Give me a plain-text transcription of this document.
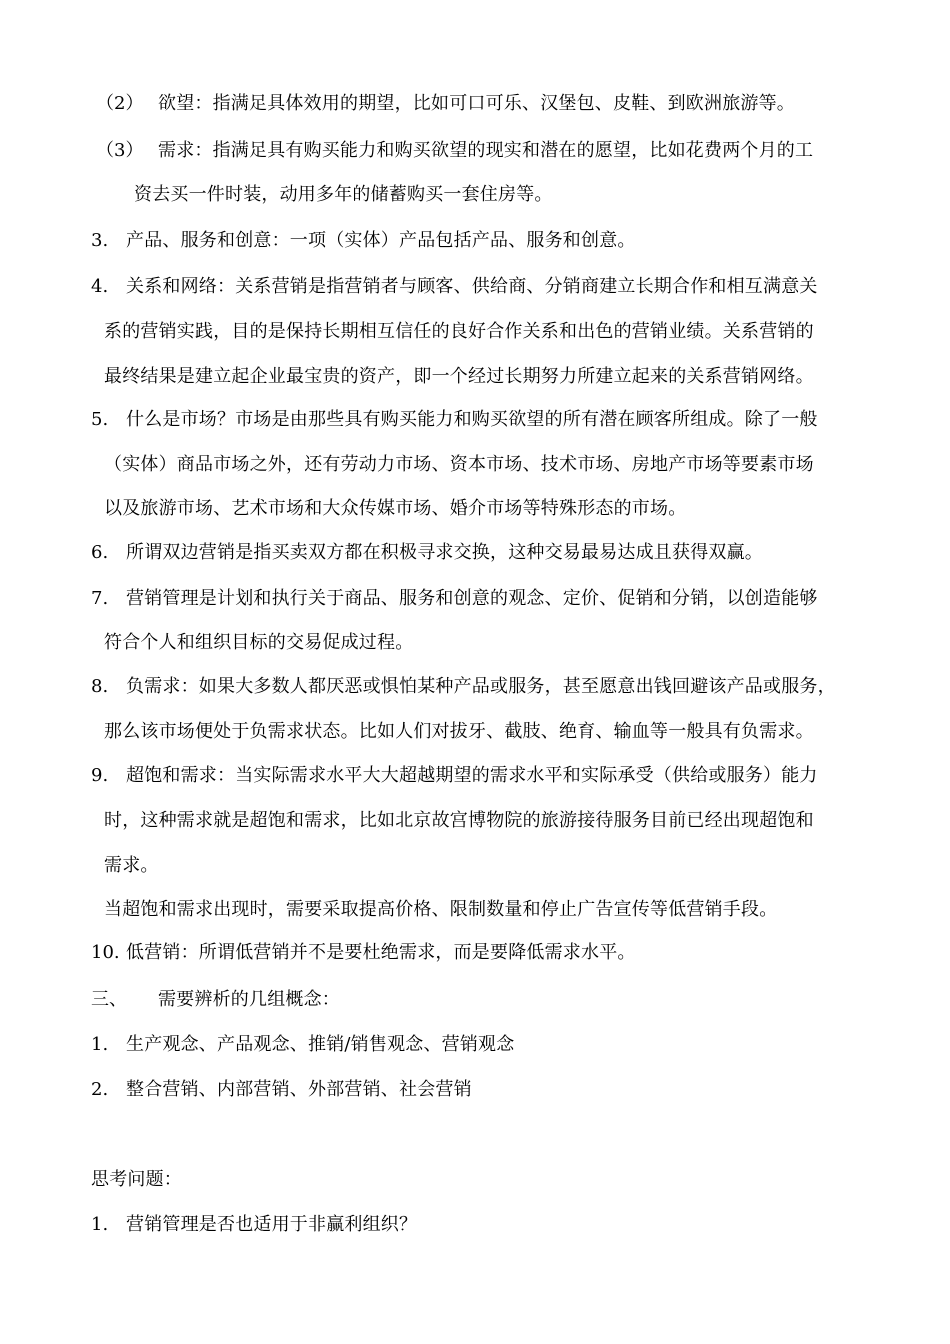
（2） 欲望：指满足具体效用的期望，比如可口可乐、汉堡包、皮鞋、到欧洲旅游等。
（3） 需求：指满足具有购买能力和购买欲望的现实和潜在的愿望，比如花费两个月的工
资去买一件时装，动用多年的储蓄购买一套住房等。
3. 产品、服务和创意：一项（实体）产品包括产品、服务和创意。
4. 关系和网络：关系营销是指营销者与顾客、供给商、分销商建立长期合作和相互满意关
系的营销实践，目的是保持长期相互信任的良好合作关系和出色的营销业绩。关系营销的
最终结果是建立起企业最宝贵的资产，即一个经过长期努力所建立起来的关系营销网络。
5. 什么是市场？市场是由那些具有购买能力和购买欲望的所有潜在顾客所组成。除了一般
（实体）商品市场之外，还有劳动力市场、资本市场、技术市场、房地产市场等要素市场
以及旅游市场、艺术市场和大众传媒市场、婚介市场等特殊形态的市场。
6. 所谓双边营销是指买卖双方都在积极寻求交换，这种交易最易达成且获得双赢。
7. 营销管理是计划和执行关于商品、服务和创意的观念、定价、促销和分销，以创造能够
符合个人和组织目标的交易促成过程。
8. 负需求：如果大多数人都厌恶或惧怕某种产品或服务，甚至愿意出钱回避该产品或服务，
那么该市场便处于负需求状态。比如人们对拔牙、截肢、绝育、输血等一般具有负需求。
9. 超饱和需求：当实际需求水平大大超越期望的需求水平和实际承受（供给或服务）能力
时，这种需求就是超饱和需求，比如北京故宫博物院的旅游接待服务目前已经出现超饱和
需求。
当超饱和需求出现时，需要采取提高价格、限制数量和停止广告宣传等低营销手段。
10. 低营销：所谓低营销并不是要杜绝需求，而是要降低需求水平。
三、 需要辨析的几组概念：
1. 生产观念、产品观念、推销/销售观念、营销观念
2. 整合营销、内部营销、外部营销、社会营销
思考问题：
1. 营销管理是否也适用于非赢利组织？
